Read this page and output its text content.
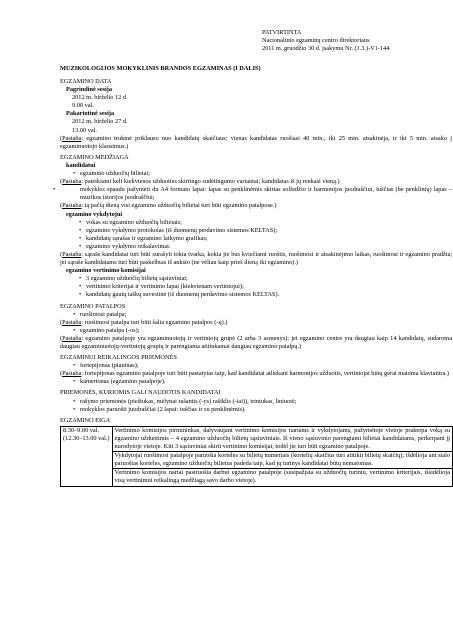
PATVIRTINTA
Nacionalinio egzaminų centro direktoriaus
2011 m. gruodžio 30 d. įsakymu Nr. (1.3.)-V1-144
MUZIKOLOGIJOS MOKYKLINIS BRANDOS EGZAMINAS (I DALIS)
EGZAMINO DATA
Pagrindinė sesija
2012 m. birželio 12 d.
9.00 val.
Pakartotinė sesija
2012 m. birželio 27 d.
13.00 val.
(Pastaba: egzamino trukmė priklauso nuo kandidatų skaičiaus: vienas kandidatas ruošiasi 40 min., iki 25 min. atsakinėja, ir iki 5 min. atsako į egzaminuotojo klausimus.)
EGZAMINO MEDŽIAGA
kandidatui
• egzamino užduočių bilietai;
(Pastaba: pateikiami keli kiekvienos užduoties skirtingo sudėtingumo variantai; kandidatas iš jų renkasi vieną.)
• mokyklos spaudu pažymėti du A4 formato lapai: lapas su penklinėmis skirtas solfedžio ir harmonijos juodraščiui, tuščias (be penklinių) lapas – muzikos istorijos juodraščiui;
(Pastaba: tą pačią dieną visi egzamino užduočių bilietai turi būti egzamino patalpose.)
egzamino vykdytojui
• vokas su egzamino užduočių bilietais;
• egzamino vykdymo protokolas (iš duomenų perdavimo sistemos KELTAS);
• kandidatų sąrašas ir egzamino laikymo grafikas;
• egzamino vykdymo reikalavimai.
(Pastaba: sąraše kandidatai turi būti surašyti tokia tvarka, kokia jie bus kviečiami ruoštis, ruošimosi ir atsakinėjimo laikas, ruošimosi ir egzamino pradžia; jei sąraše kandidatams turi būti paskelbtas iš anksto (ne vėliau kaip prieš dieną iki egzamino).)
egzamino vertinimo komisijai
• 3 egzamino užduočių bilietų sąsiuviniai;
• vertinimo kriterijai ir vertinimo lapai (kiekvienam vertintojui);
• kandidatų gautų taškų suvestinė (iš duomenų perdavimo sistemos KELTAS).
EGZAMINO PATALPOS
• ruošimosi patalpa;
(Pastaba: ruošimosi patalpa turi būti šalia egzamino patalpos (-ų).)
• egzamino patalpa (-os);
(Pastaba: egzamino patalpoje yra egzaminuotojų ir vertintojų grupė (2 arba 3 asmenys); jei egzamino centre yra daugiau kaip 14 kandidatų, sudaroma daugiau egzaminuotojų-vertintojų grupių ir parengiama atitinkamai daugiau egzamino patalpų.)
EGZAMINUI REIKALINGOS PRIEMONĖS
• fortepijonas (pianinas);
(Pastaba: fortepijonas egzamino patalpoje turi būti pastatytas taip, kad kandidatai atliekant harmonijos užduotis, vertintojai būtų gerai matoma klaviatūra.)
• kamertonas (egzamino patalpoje).
PRIEMONĖS, KURIOMIS GALI NAUDOTIS KANDIDATAI
• rašymo priemonės (pieštukas, mėlynai rašantis (-ys) rašiklis (-iai)), trintukas, liniuotė;
• mokyklos paruošti juodraščiai (2 lapai: tuščias ir su penklinėmis).
EGZAMINO EIGA
8.30–9.00 val.
(12.30–13.00 val.)
	Vertinimo komisijos pirmininkas, dalyvaujant vertinimo komisijos nariams ir vykdytojams, pažymėtoje vietoje prakerpa voką su egzamino užduotimis – 4 egzamino užduočių bilietų sąsiuviniais. Iš vieno sąsiuvinio parengiami bilietai kandidatams, perkerpant jį nurodytoje vietoje. Kiti 3 sąsiuviniai skirti vertinimo komisijai, todėl jie turi būti egzamino patalpoje.
Vykdytojai ruošimosi patalpoje paruošia korteles su bilietų numeriais (kortelių skaičius turi atitikti bilietų skaičių); išdėlioja ant stalo paruoštas korteles, egzamino užduočių bilietus padeda taip, kad jų turinys kandidatai būtų nematomas.
Vertinimo komisijos nariai pasiruošia darbui egzamino patalpoje (susipažįsta su užduočių turiniu, vertinimo kriterijais, išsidėlioja visą vertinimui reikalingą medžiagą savo darbo vietoje).
